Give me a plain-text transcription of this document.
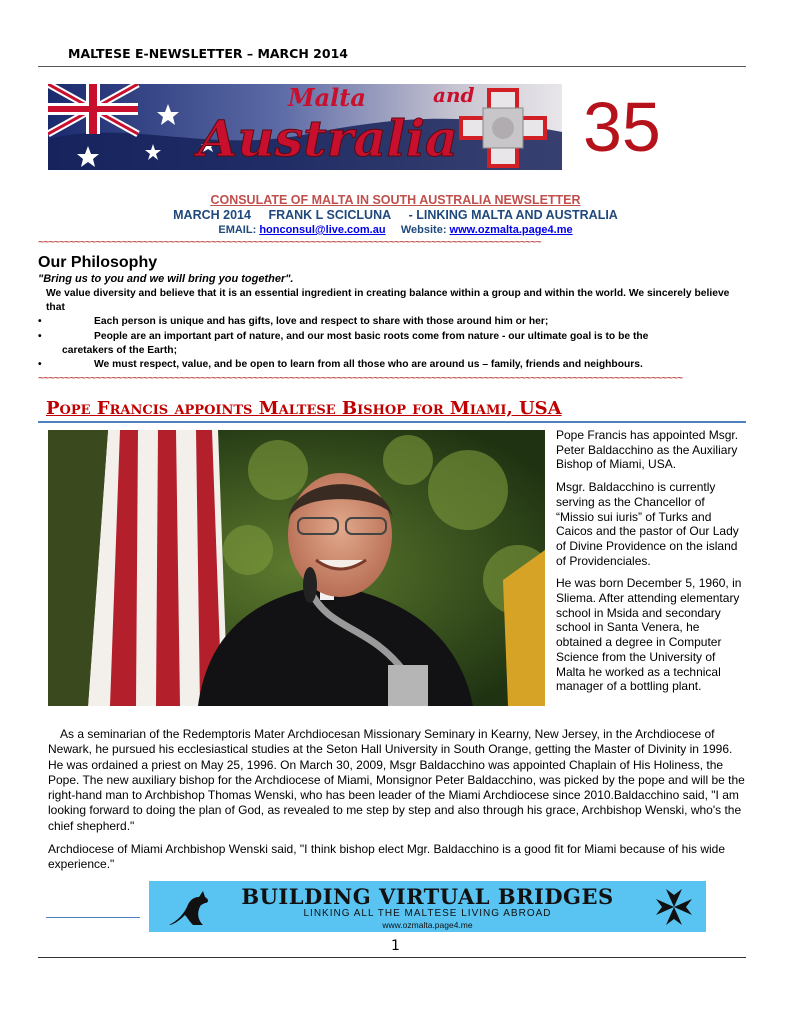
MALTESE E-NEWSLETTER – MARCH 2014
Malta	and
Australia 35
CONSULATE OF MALTA IN SOUTH AUSTRALIA NEWSLETTER
MARCH 2014 FRANK L SCICLUNA - LINKING MALTA AND AUSTRALIA
EMAIL: honconsul@live.com.au Website: www.ozmalta.page4.me
~~~~~~~~~~~~~~~~~~~~~~~~~~~~~~~~~~~~~~~~~~~~~~~~~~~~~~~~~~~~~~~~~~~~~~~~~~~~~~~~~~~~~~~~~~~~~~~~
Our Philosophy
"Bring us to you and we will bring you together".
We value diversity and believe that it is an essential ingredient in creating balance within a group and within the world. We sincerely believe that
•	Each person is unique and has gifts, love and respect to share with those around him or her;
•	People are an important part of nature, and our most basic roots come from nature - our ultimate goal is to be the
caretakers of the Earth;
•	We must respect, value, and be open to learn from all those who are around us – family, friends and neighbours.
~~~~~~~~~~~~~~~~~~~~~~~~~~~~~~~~~~~~~~~~~~~~~~~~~~~~~~~~~~~~~~~~~~~~~~~~~~~~~~~~~~~~~~~~~~~~~~~~~~~~~~~~~~~~~~~~~~~~~~~~~~~
Pope Francis appoints Maltese Bishop for Miami, USA

Pope Francis has appointed Msgr. Peter Baldacchino as the Auxiliary Bishop of Miami, USA.

Msgr. Baldacchino is currently serving as the Chancellor of “Missio sui iuris” of Turks and Caicos and the pastor of Our Lady of Divine Providence on the island of Providenciales.

He was born December 5, 1960, in Sliema. After attending elementary school in Msida and secondary school in Santa Venera, he obtained a degree in Computer Science from the University of Malta he worked as a technical manager of a bottling plant.

As a seminarian of the Redemptoris Mater Archdiocesan Missionary Seminary in Kearny, New Jersey, in the Archdiocese of Newark, he pursued his ecclesiastical studies at the Seton Hall University in South Orange, getting the Master of Divinity in 1996. He was ordained a priest on May 25, 1996. On March 30, 2009, Msgr Baldacchino was appointed Chaplain of His Holiness, the Pope. The new auxiliary bishop for the Archdiocese of Miami, Monsignor Peter Baldacchino, was picked by the pope and will be the right-hand man to Archbishop Thomas Wenski, who has been leader of the Miami Archdiocese since 2010.Baldacchino said, "I am looking forward to doing the plan of God, as revealed to me step by step and also through his grace, Archbishop Wenski, who's the chief shepherd."

Archdiocese of Miami Archbishop Wenski said, "I think bishop elect Mgr. Baldacchino is a good fit for Miami because of his wide experience."

BUILDING VIRTUAL BRIDGES
LINKING ALL THE MALTESE LIVING ABROAD
www.ozmalta.page4.me
1
